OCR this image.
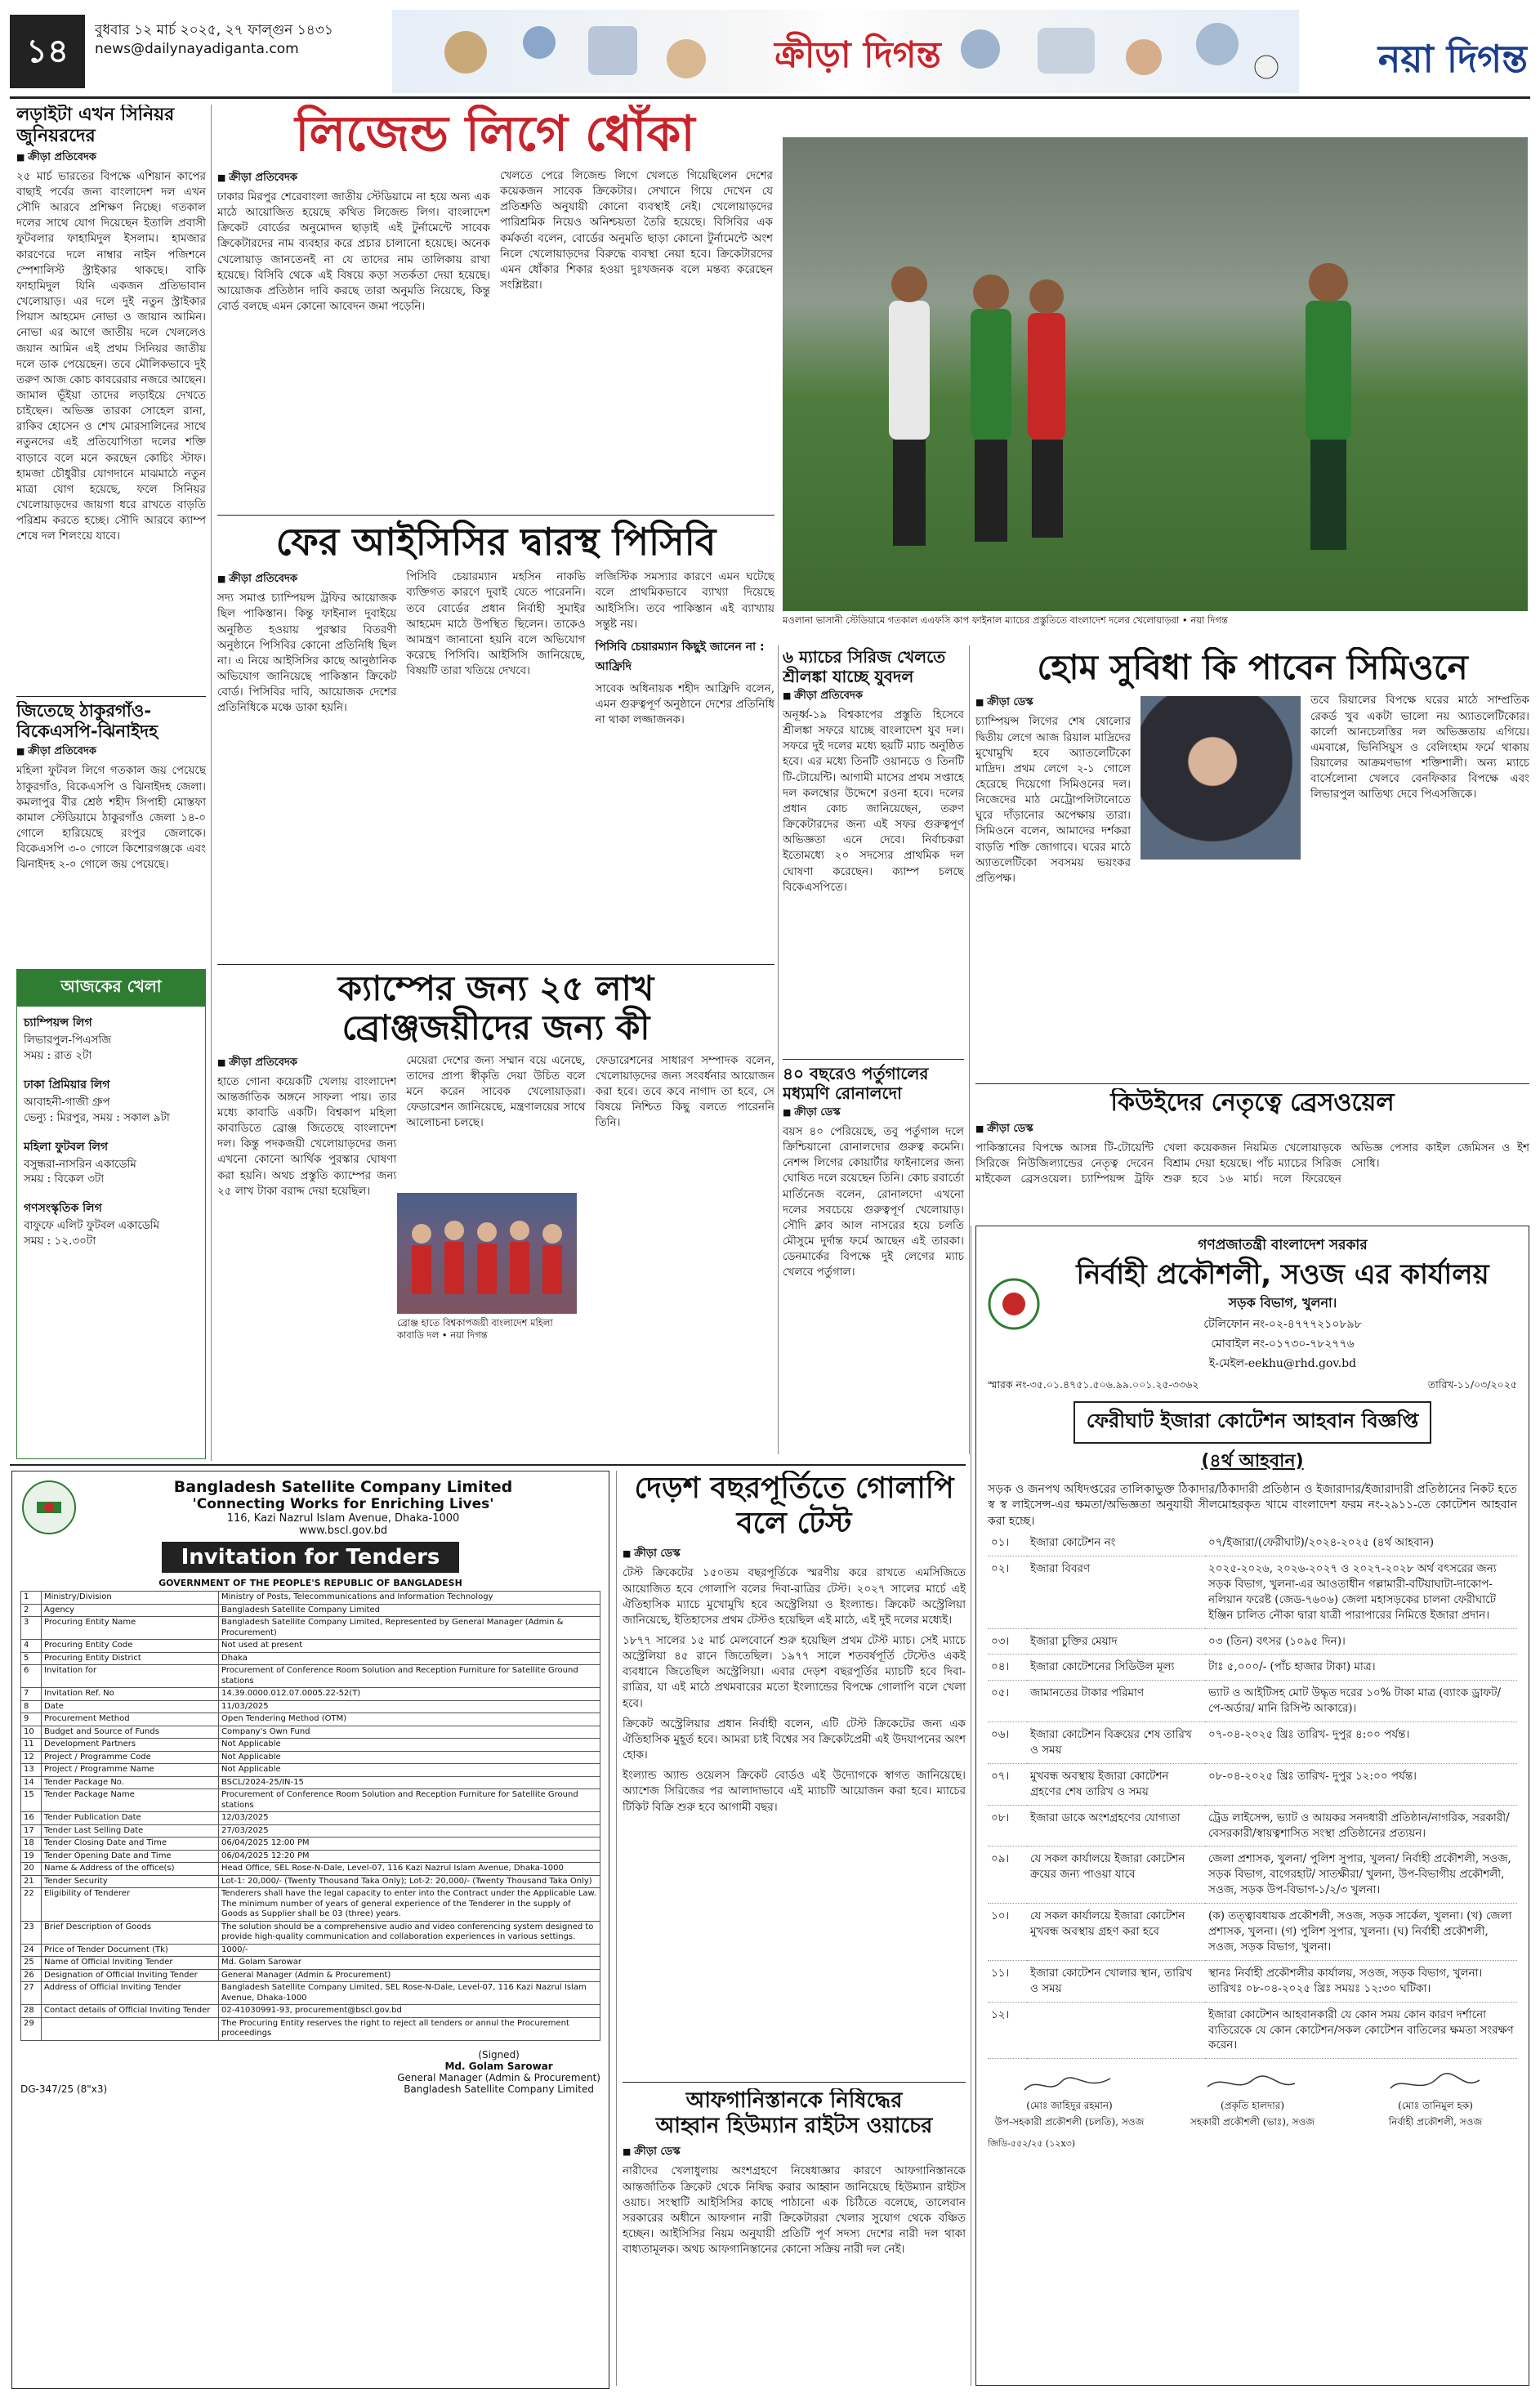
১৪
বুধবার ১২ মার্চ ২০২৫, ২৭ ফাল্গুন ১৪৩১
news@dailynayadiganta.com	ক্রীড়া দিগন্ত	নয়া দিগন্ত
লড়াইটা এখন সিনিয়র জুনিয়রদের
■ ক্রীড়া প্রতিবেদক

২৫ মার্চ ভারতের বিপক্ষে এশিয়ান কাপের বাছাই পর্বের জন্য বাংলাদেশ দল এখন সৌদি আরবে প্রশিক্ষণ নিচ্ছে। গতকাল দলের সাথে যোগ দিয়েছেন ইতালি প্রবাসী ফুটবলার ফাহামিদুল ইসলাম। হামজার কারণেরে দলে নাম্বার নাইন পজিশনে স্পেশালিস্ট স্ট্রাইকার থাকছে। বাকি ফাহামিদুল যিনি একজন প্রতিভাবান খেলোয়াড়। এর দলে দুই নতুন স্ট্রাইকার পিয়াস আহমেদ নোভা ও জায়ান আমিন। নোভা এর আগে জাতীয় দলে খেললেও জয়ান আমিন এই প্রথম সিনিয়র জাতীয় দলে ডাক পেয়েছেন। তবে মৌলিকভাবে দুই তরুণ আজ কোচ কাবরেরার নজরে আছেন। জামাল ভূঁইয়া তাদের লড়াইয়ে দেখতে চাইছেন। অভিজ্ঞ তারকা সোহেল রানা, রাকিব হোসেন ও শেখ মোরসালিনের সাথে নতুনদের এই প্রতিযোগিতা দলের শক্তি বাড়াবে বলে মনে করছেন কোচিং স্টাফ। হামজা চৌধুরীর যোগদানে মাঝমাঠে নতুন মাত্রা যোগ হয়েছে, ফলে সিনিয়র খেলোয়াড়দের জায়গা ধরে রাখতে বাড়তি পরিশ্রম করতে হচ্ছে। সৌদি আরবে ক্যাম্প শেষে দল শিলংয়ে যাবে।

জিতেছে ঠাকুরগাঁও- বিকেএসপি-ঝিনাইদহ
■ ক্রীড়া প্রতিবেদক

মহিলা ফুটবল লিগে গতকাল জয় পেয়েছে ঠাকুরগাঁও, বিকেএসপি ও ঝিনাইদহ জেলা। কমলাপুর বীর শ্রেষ্ঠ শহীদ সিপাহী মোস্তফা কামাল স্টেডিয়ামে ঠাকুরগাঁও জেলা ১৪-০ গোলে হারিয়েছে রংপুর জেলাকে। বিকেএসপি ৩-০ গোলে কিশোরগঞ্জকে এবং ঝিনাইদহ ২-০ গোলে জয় পেয়েছে।

আজকের খেলা
চ্যাম্পিয়ন্স লিগ
লিভারপুল-পিএসজি
সময় : রাত ২টা
ঢাকা প্রিমিয়ার লিগ
আবাহনী-গাজী গ্রুপ
ভেন্যু : মিরপুর, সময় : সকাল ৯টা
মহিলা ফুটবল লিগ
বসুন্ধরা-নাসরিন একাডেমি
সময় : বিকেল ৩টা
গণসংস্কৃতিক লিগ
বাফুফে এলিট ফুটবল একাডেমি
সময় : ১২.৩০টা
লিজেন্ড লিগে ধোঁকা
■ ক্রীড়া প্রতিবেদক

ঢাকার মিরপুর শেরেবাংলা জাতীয় স্টেডিয়ামে না হয়ে অন্য এক মাঠে আয়োজিত হয়েছে কথিত লিজেন্ড লিগ। বাংলাদেশ ক্রিকেট বোর্ডের অনুমোদন ছাড়াই এই টুর্নামেন্টে সাবেক ক্রিকেটারদের নাম ব্যবহার করে প্রচার চালানো হয়েছে। অনেক খেলোয়াড় জানতেনই না যে তাদের নাম তালিকায় রাখা হয়েছে। বিসিবি থেকে এই বিষয়ে কড়া সতর্কতা দেয়া হয়েছে। আয়োজক প্রতিষ্ঠান দাবি করছে তারা অনুমতি নিয়েছে, কিন্তু বোর্ড বলছে এমন কোনো আবেদন জমা পড়েনি।

খেলতে পেরে লিজেন্ড লিগে খেলতে গিয়েছিলেন দেশের কয়েকজন সাবেক ক্রিকেটার। সেখানে গিয়ে দেখেন যে প্রতিশ্রুতি অনুযায়ী কোনো ব্যবস্থাই নেই। খেলোয়াড়দের পারিশ্রমিক নিয়েও অনিশ্চয়তা তৈরি হয়েছে। বিসিবির এক কর্মকর্তা বলেন, বোর্ডের অনুমতি ছাড়া কোনো টুর্নামেন্টে অংশ নিলে খেলোয়াড়দের বিরুদ্ধে ব্যবস্থা নেয়া হবে। ক্রিকেটারদের এমন ধোঁকার শিকার হওয়া দুঃখজনক বলে মন্তব্য করেছেন সংশ্লিষ্টরা।

মওলানা ভাসানী স্টেডিয়ামে গতকাল এএফসি কাপ ফাইনাল ম্যাচের প্রস্তুতিতে বাংলাদেশ দলের খেলোয়াড়রা • নয়া দিগন্ত
ফের আইসিসির দ্বারস্থ পিসিবি
■ ক্রীড়া প্রতিবেদক

সদ্য সমাপ্ত চ্যাম্পিয়ন্স ট্রফির আয়োজক ছিল পাকিস্তান। কিন্তু ফাইনাল দুবাইয়ে অনুষ্ঠিত হওয়ায় পুরস্কার বিতরণী অনুষ্ঠানে পিসিবির কোনো প্রতিনিধি ছিল না। এ নিয়ে আইসিসির কাছে আনুষ্ঠানিক অভিযোগ জানিয়েছে পাকিস্তান ক্রিকেট বোর্ড। পিসিবির দাবি, আয়োজক দেশের প্রতিনিধিকে মঞ্চে ডাকা হয়নি।

পিসিবি চেয়ারম্যান মহসিন নাকভি ব্যক্তিগত কারণে দুবাই যেতে পারেননি। তবে বোর্ডের প্রধান নির্বাহী সুমাইর আহমেদ মাঠে উপস্থিত ছিলেন। তাকেও আমন্ত্রণ জানানো হয়নি বলে অভিযোগ করেছে পিসিবি। আইসিসি জানিয়েছে, বিষয়টি তারা খতিয়ে দেখবে।

লজিস্টিক সমস্যার কারণে এমন ঘটেছে বলে প্রাথমিকভাবে ব্যাখ্যা দিয়েছে আইসিসি। তবে পাকিস্তান এই ব্যাখ্যায় সন্তুষ্ট নয়।

পিসিবি চেয়ারম্যান কিছুই জানেন না : আফ্রিদি

সাবেক অধিনায়ক শহীদ আফ্রিদি বলেন, এমন গুরুত্বপূর্ণ অনুষ্ঠানে দেশের প্রতিনিধি না থাকা লজ্জাজনক।

ক্যাম্পের জন্য ২৫ লাখ
ব্রোঞ্জজয়ীদের জন্য কী
■ ক্রীড়া প্রতিবেদক

হাতে গোনা কয়েকটি খেলায় বাংলাদেশ আন্তর্জাতিক অঙ্গনে সাফল্য পায়। তার মধ্যে কাবাডি একটি। বিশ্বকাপ মহিলা কাবাডিতে ব্রোঞ্জ জিতেছে বাংলাদেশ দল। কিন্তু পদকজয়ী খেলোয়াড়দের জন্য এখনো কোনো আর্থিক পুরস্কার ঘোষণা করা হয়নি। অথচ প্রস্তুতি ক্যাম্পের জন্য ২৫ লাখ টাকা বরাদ্দ দেয়া হয়েছিল।

মেয়েরা দেশের জন্য সম্মান বয়ে এনেছে, তাদের প্রাপ্য স্বীকৃতি দেয়া উচিত বলে মনে করেন সাবেক খেলোয়াড়রা। ফেডারেশন জানিয়েছে, মন্ত্রণালয়ের সাথে আলোচনা চলছে।

ফেডারেশনের সাধারণ সম্পাদক বলেন, খেলোয়াড়দের জন্য সংবর্ধনার আয়োজন করা হবে। তবে কবে নাগাদ তা হবে, সে বিষয়ে নিশ্চিত কিছু বলতে পারেননি তিনি।

ব্রোঞ্জ হাতে বিশ্বকাপজয়ী বাংলাদেশ মহিলা কাবাডি দল • নয়া দিগন্ত
৬ ম্যাচের সিরিজ খেলতে শ্রীলঙ্কা যাচ্ছে যুবদল
■ ক্রীড়া প্রতিবেদক

অনূর্ধ্ব-১৯ বিশ্বকাপের প্রস্তুতি হিসেবে শ্রীলঙ্কা সফরে যাচ্ছে বাংলাদেশ যুব দল। সফরে দুই দলের মধ্যে ছয়টি ম্যাচ অনুষ্ঠিত হবে। এর মধ্যে তিনটি ওয়ানডে ও তিনটি টি-টোয়েন্টি। আগামী মাসের প্রথম সপ্তাহে দল কলম্বোর উদ্দেশে রওনা হবে। দলের প্রধান কোচ জানিয়েছেন, তরুণ ক্রিকেটারদের জন্য এই সফর গুরুত্বপূর্ণ অভিজ্ঞতা এনে দেবে। নির্বাচকরা ইতোমধ্যে ২০ সদস্যের প্রাথমিক দল ঘোষণা করেছেন। ক্যাম্প চলছে বিকেএসপিতে।

৪০ বছরেও পর্তুগালের মধ্যমণি রোনালদো
■ ক্রীড়া ডেস্ক

বয়স ৪০ পেরিয়েছে, তবু পর্তুগাল দলে ক্রিশ্চিয়ানো রোনালদোর গুরুত্ব কমেনি। নেশন্স লিগের কোয়ার্টার ফাইনালের জন্য ঘোষিত দলে রয়েছেন তিনি। কোচ রবার্তো মার্তিনেজ বলেন, রোনালদো এখনো দলের সবচেয়ে গুরুত্বপূর্ণ খেলোয়াড়। সৌদি ক্লাব আল নাসরের হয়ে চলতি মৌসুমে দুর্দান্ত ফর্মে আছেন এই তারকা। ডেনমার্কের বিপক্ষে দুই লেগের ম্যাচ খেলবে পর্তুগাল।

হোম সুবিধা কি পাবেন সিমিওনে
■ ক্রীড়া ডেস্ক

চ্যাম্পিয়ন্স লিগের শেষ ষোলোর দ্বিতীয় লেগে আজ রিয়াল মাদ্রিদের মুখোমুখি হবে অ্যাতলেটিকো মাদ্রিদ। প্রথম লেগে ২-১ গোলে হেরেছে দিয়েগো সিমিওনের দল। নিজেদের মাঠ মেট্রোপলিটানোতে ঘুরে দাঁড়ানোর অপেক্ষায় তারা। সিমিওনে বলেন, আমাদের দর্শকরা বাড়তি শক্তি জোগাবে। ঘরের মাঠে অ্যাতলেটিকো সবসময় ভয়ংকর প্রতিপক্ষ।

তবে রিয়ালের বিপক্ষে ঘরের মাঠে সাম্প্রতিক রেকর্ড খুব একটা ভালো নয় অ্যাতলেটিকোর। কার্লো আনচেলত্তির দল অভিজ্ঞতায় এগিয়ে। এমবাপ্পে, ভিনিসিয়ুস ও বেলিংহাম ফর্মে থাকায় রিয়ালের আক্রমণভাগ শক্তিশালী। অন্য ম্যাচে বার্সেলোনা খেলবে বেনফিকার বিপক্ষে এবং লিভারপুল আতিথ্য দেবে পিএসজিকে।

কিউইদের নেতৃত্বে ব্রেসওয়েল
■ ক্রীড়া ডেস্ক

পাকিস্তানের বিপক্ষে আসন্ন টি-টোয়েন্টি সিরিজে নিউজিল্যান্ডের নেতৃত্ব দেবেন মাইকেল ব্রেসওয়েল। চ্যাম্পিয়ন্স ট্রফি খেলা কয়েকজন নিয়মিত খেলোয়াড়কে বিশ্রাম দেয়া হয়েছে। পাঁচ ম্যাচের সিরিজ শুরু হবে ১৬ মার্চ। দলে ফিরেছেন অভিজ্ঞ পেসার কাইল জেমিসন ও ইশ সোধি।

গণপ্রজাতন্ত্রী বাংলাদেশ সরকার
নির্বাহী প্রকৌশলী, সওজ এর কার্যালয়
সড়ক বিভাগ, খুলনা।
টেলিফোন নং-০২-৪৭৭৭২১০৮৯৮
মোবাইল নং-০১৭৩০-৭৮২৭৭৬
ই-মেইল-eekhu@rhd.gov.bd
স্মারক নং-৩৫.০১.৪৭৫১.৫০৬.৯৯.০০১.২৫-৩৩৬২	তারিখ-১১/০৩/২০২৫
ফেরীঘাট ইজারা কোটেশন আহবান বিজ্ঞপ্তি
(৪র্থ আহবান)

সড়ক ও জনপথ অধিদপ্তরের তালিকাভুক্ত ঠিকাদার/ঠিকাদারী প্রতিষ্ঠান ও ইজারাদার/ইজারাদারী প্রতিষ্ঠানের নিকট হতে স্ব স্ব লাইসেন্স-এর ক্ষমতা/অভিজ্ঞতা অনুযায়ী সীলমোহরকৃত খামে বাংলাদেশ ফরম নং-২৯১১-তে কোটেশন আহবান করা হচ্ছে।

০১।	ইজারা কোটেশন নং	০৭/ইজারা/(ফেরীঘাট)/২০২৪-২০২৫ (৪র্থ আহবান)
০২।	ইজারা বিবরণ	২০২৫-২০২৬, ২০২৬-২০২৭ ও ২০২৭-২০২৮ অর্থ বৎসরের জন্য সড়ক বিভাগ, খুলনা-এর আওতাধীন গল্লামারী-বটিয়াঘাটা-দাকোপ-নলিয়ান ফরেষ্ট (জেড-৭৬০৬) জেলা মহাসড়কের চালনা ফেরীঘাটে ইঞ্জিন চালিত নৌকা দ্বারা যাত্রী পারাপারের নিমিত্তে ইজারা প্রদান।
০৩।	ইজারা চুক্তির মেয়াদ	০৩ (তিন) বৎসর (১০৯৫ দিন)।
০৪।	ইজারা কোটেশনের সিডিউল মূল্য	টাঃ ৫,০০০/- (পাঁচ হাজার টাকা) মাত্র।
০৫।	জামানতের টাকার পরিমাণ	ভ্যাট ও আইটিসহ মোট উদ্ধৃত দরের ১০% টাকা মাত্র (ব্যাংক ড্রাফট/পে-অর্ডার/ মানি রিসিপ্ট আকারে)।
০৬।	ইজারা কোটেশন বিক্রয়ের শেষ তারিখ ও সময়	০৭-০৪-২০২৫ খ্রিঃ তারিখ- দুপুর ৪:০০ পর্যন্ত।
০৭।	মুখবন্ধ অবস্থায় ইজারা কোটেশন গ্রহণের শেষ তারিখ ও সময়	০৮-০৪-২০২৫ খ্রিঃ তারিখ- দুপুর ১২:০০ পর্যন্ত।
০৮।	ইজারা ডাকে অংশগ্রহণের যোগ্যতা	ট্রেড লাইসেন্স, ভ্যাট ও আয়কর সনদধারী প্রতিষ্ঠান/নাগরিক, সরকারী/বেসরকারী/স্বায়ত্বশাসিত সংস্থা প্রতিষ্ঠানের প্রত্যয়ন।
০৯।	যে সকল কার্যালয়ে ইজারা কোটেশন ক্রয়ের জন্য পাওয়া যাবে	জেলা প্রশাসক, খুলনা/ পুলিশ সুপার, খুলনা/ নির্বাহী প্রকৌশলী, সওজ, সড়ক বিভাগ, বাগেরহাট/ সাতক্ষীরা/ খুলনা, উপ-বিভাগীয় প্রকৌশলী, সওজ, সড়ক উপ-বিভাগ-১/২/৩ খুলনা।
১০।	যে সকল কার্যালয়ে ইজারা কোটেশন মুখবন্ধ অবস্থায় গ্রহণ করা হবে	(ক) তত্ত্বাবধায়ক প্রকৌশলী, সওজ, সড়ক সার্কেল, খুলনা। (খ) জেলা প্রশাসক, খুলনা। (গ) পুলিশ সুপার, খুলনা। (ঘ) নির্বাহী প্রকৌশলী, সওজ, সড়ক বিভাগ, খুলনা।
১১।	ইজারা কোটেশন খোলার স্থান, তারিখ ও সময়	স্থানঃ নির্বাহী প্রকৌশলীর কার্যালয়, সওজ, সড়ক বিভাগ, খুলনা। তারিখঃ ০৮-০৪-২০২৫ খ্রিঃ সময়ঃ ১২:৩০ ঘটিকা।
১২।		ইজারা কোটেশন আহবানকারী যে কোন সময় কোন কারণ দর্শানো ব্যতিরেকে যে কোন কোটেশন/সকল কোটেশন বাতিলের ক্ষমতা সংরক্ষণ করেন।
(মোঃ জাহিদুর রহমান)
উপ-সহকারী প্রকৌশলী (চলতি), সওজ
(প্রকৃতি হালদার)
সহকারী প্রকৌশলী (ভাঃ), সওজ
(মোঃ তানিমুল হক)
নির্বাহী প্রকৌশলী, সওজ
জিডি-৫৫২/২৫ (১২x৩)
Bangladesh Satellite Company Limited
'Connecting Works for Enriching Lives'
116, Kazi Nazrul Islam Avenue, Dhaka-1000
www.bscl.gov.bd
Invitation for Tenders
GOVERNMENT OF THE PEOPLE'S REPUBLIC OF BANGLADESH
1	Ministry/Division	Ministry of Posts, Telecommunications and Information Technology
2	Agency	Bangladesh Satellite Company Limited
3	Procuring Entity Name	Bangladesh Satellite Company Limited, Represented by General Manager (Admin & Procurement)
4	Procuring Entity Code	Not used at present
5	Procuring Entity District	Dhaka
6	Invitation for	Procurement of Conference Room Solution and Reception Furniture for Satellite Ground stations
7	Invitation Ref. No	14.39.0000.012.07.0005.22-52(T)
8	Date	11/03/2025
9	Procurement Method	Open Tendering Method (OTM)
10	Budget and Source of Funds	Company's Own Fund
11	Development Partners	Not Applicable
12	Project / Programme Code	Not Applicable
13	Project / Programme Name	Not Applicable
14	Tender Package No.	BSCL/2024-25/IN-15
15	Tender Package Name	Procurement of Conference Room Solution and Reception Furniture for Satellite Ground stations
16	Tender Publication Date	12/03/2025
17	Tender Last Selling Date	27/03/2025
18	Tender Closing Date and Time	06/04/2025 12:00 PM
19	Tender Opening Date and Time	06/04/2025 12:20 PM
20	Name & Address of the office(s)	Head Office, SEL Rose-N-Dale, Level-07, 116 Kazi Nazrul Islam Avenue, Dhaka-1000
21	Tender Security	Lot-1: 20,000/- (Twenty Thousand Taka Only); Lot-2: 20,000/- (Twenty Thousand Taka Only)
22	Eligibility of Tenderer	Tenderers shall have the legal capacity to enter into the Contract under the Applicable Law. The minimum number of years of general experience of the Tenderer in the supply of Goods as Supplier shall be 03 (three) years.
23	Brief Description of Goods	The solution should be a comprehensive audio and video conferencing system designed to provide high-quality communication and collaboration experiences in various settings.
24	Price of Tender Document (Tk)	1000/-
25	Name of Official Inviting Tender	Md. Golam Sarowar
26	Designation of Official Inviting Tender	General Manager (Admin & Procurement)
27	Address of Official Inviting Tender	Bangladesh Satellite Company Limited, SEL Rose-N-Dale, Level-07, 116 Kazi Nazrul Islam Avenue, Dhaka-1000
28	Contact details of Official Inviting Tender	02-41030991-93, procurement@bscl.gov.bd
29		The Procuring Entity reserves the right to reject all tenders or annul the Procurement proceedings
DG-347/25 (8"x3)
(Signed)
Md. Golam Sarowar
General Manager (Admin & Procurement)
Bangladesh Satellite Company Limited
দেড়শ বছরপূর্তিতে গোলাপি
বলে টেস্ট
■ ক্রীড়া ডেস্ক

টেস্ট ক্রিকেটের ১৫০তম বছরপূর্তিকে স্মরণীয় করে রাখতে এমসিজিতে আয়োজিত হবে গোলাপি বলের দিবা-রাত্রির টেস্ট। ২০২৭ সালের মার্চে এই ঐতিহাসিক ম্যাচে মুখোমুখি হবে অস্ট্রেলিয়া ও ইংল্যান্ড। ক্রিকেট অস্ট্রেলিয়া জানিয়েছে, ইতিহাসের প্রথম টেস্টও হয়েছিল এই মাঠে, এই দুই দলের মধ্যেই।

১৮৭৭ সালের ১৫ মার্চ মেলবোর্নে শুরু হয়েছিল প্রথম টেস্ট ম্যাচ। সেই ম্যাচে অস্ট্রেলিয়া ৪৫ রানে জিতেছিল। ১৯৭৭ সালে শতবর্ষপূর্তি টেস্টেও একই ব্যবধানে জিতেছিল অস্ট্রেলিয়া। এবার দেড়শ বছরপূর্তির ম্যাচটি হবে দিবা-রাত্রির, যা এই মাঠে প্রথমবারের মতো ইংল্যান্ডের বিপক্ষে গোলাপি বলে খেলা হবে।

ক্রিকেট অস্ট্রেলিয়ার প্রধান নির্বাহী বলেন, এটি টেস্ট ক্রিকেটের জন্য এক ঐতিহাসিক মুহূর্ত হবে। আমরা চাই বিশ্বের সব ক্রিকেটপ্রেমী এই উদযাপনের অংশ হোক।

ইংল্যান্ড অ্যান্ড ওয়েলস ক্রিকেট বোর্ডও এই উদ্যোগকে স্বাগত জানিয়েছে। অ্যাশেজ সিরিজের পর আলাদাভাবে এই ম্যাচটি আয়োজন করা হবে। ম্যাচের টিকিট বিক্রি শুরু হবে আগামী বছর।

আফগানিস্তানকে নিষিদ্ধের
আহ্বান হিউম্যান রাইটস ওয়াচের
■ ক্রীড়া ডেস্ক

নারীদের খেলাধুলায় অংশগ্রহণে নিষেধাজ্ঞার কারণে আফগানিস্তানকে আন্তর্জাতিক ক্রিকেট থেকে নিষিদ্ধ করার আহ্বান জানিয়েছে হিউম্যান রাইটস ওয়াচ। সংস্থাটি আইসিসির কাছে পাঠানো এক চিঠিতে বলেছে, তালেবান সরকারের অধীনে আফগান নারী ক্রিকেটাররা খেলার সুযোগ থেকে বঞ্চিত হচ্ছেন। আইসিসির নিয়ম অনুযায়ী প্রতিটি পূর্ণ সদস্য দেশের নারী দল থাকা বাধ্যতামূলক। অথচ আফগানিস্তানের কোনো সক্রিয় নারী দল নেই।
